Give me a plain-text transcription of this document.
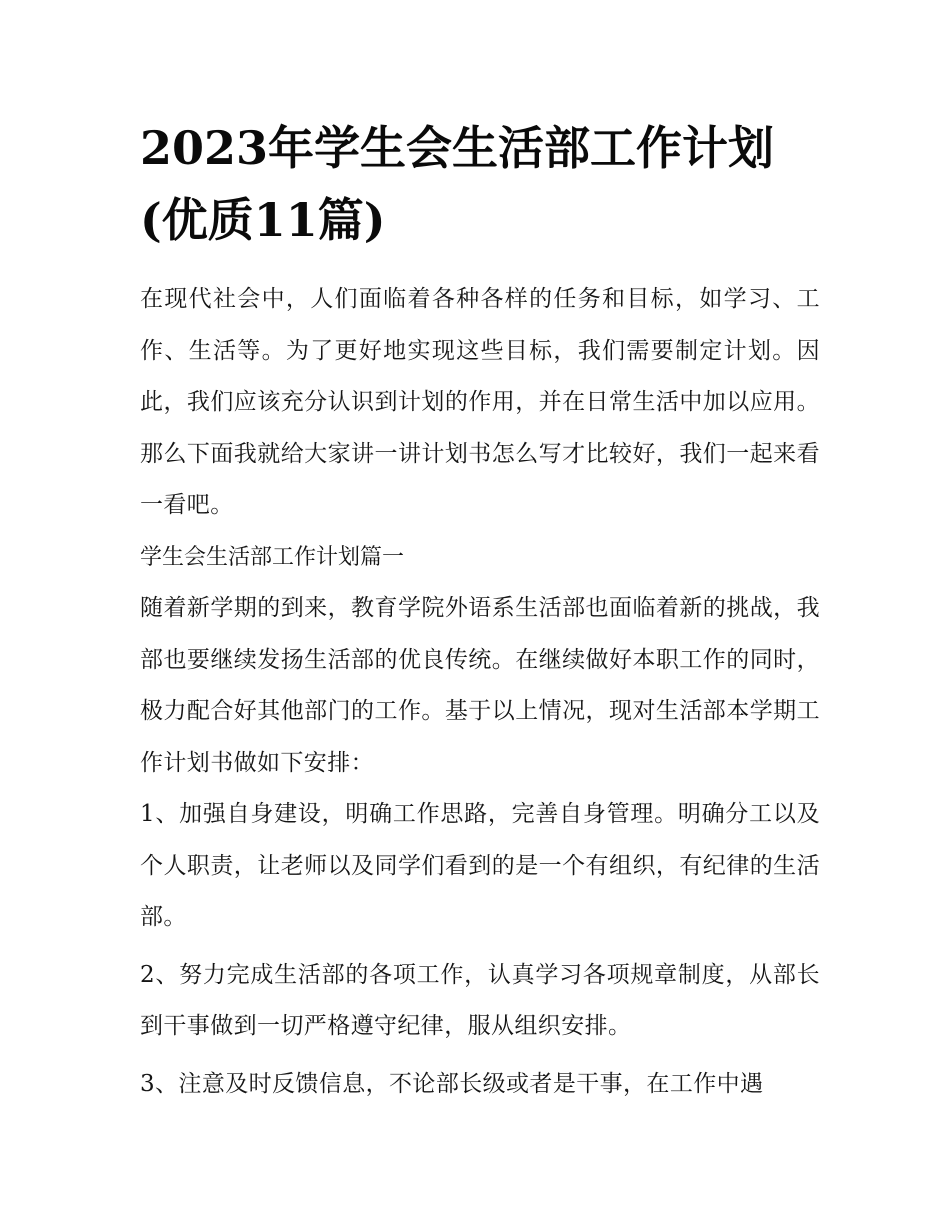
2023年学生会生活部工作计划(优质11篇)

在现代社会中，人们面临着各种各样的任务和目标，如学习、工作、生活等。为了更好地实现这些目标，我们需要制定计划。因此，我们应该充分认识到计划的作用，并在日常生活中加以应用。那么下面我就给大家讲一讲计划书怎么写才比较好，我们一起来看一看吧。

学生会生活部工作计划篇一

随着新学期的到来，教育学院外语系生活部也面临着新的挑战，我部也要继续发扬生活部的优良传统。在继续做好本职工作的同时，极力配合好其他部门的工作。基于以上情况，现对生活部本学期工作计划书做如下安排：

1、加强自身建设，明确工作思路，完善自身管理。明确分工以及个人职责，让老师以及同学们看到的是一个有组织，有纪律的生活部。

2、努力完成生活部的各项工作，认真学习各项规章制度，从部长到干事做到一切严格遵守纪律，服从组织安排。

3、注意及时反馈信息，不论部长级或者是干事，在工作中遇
